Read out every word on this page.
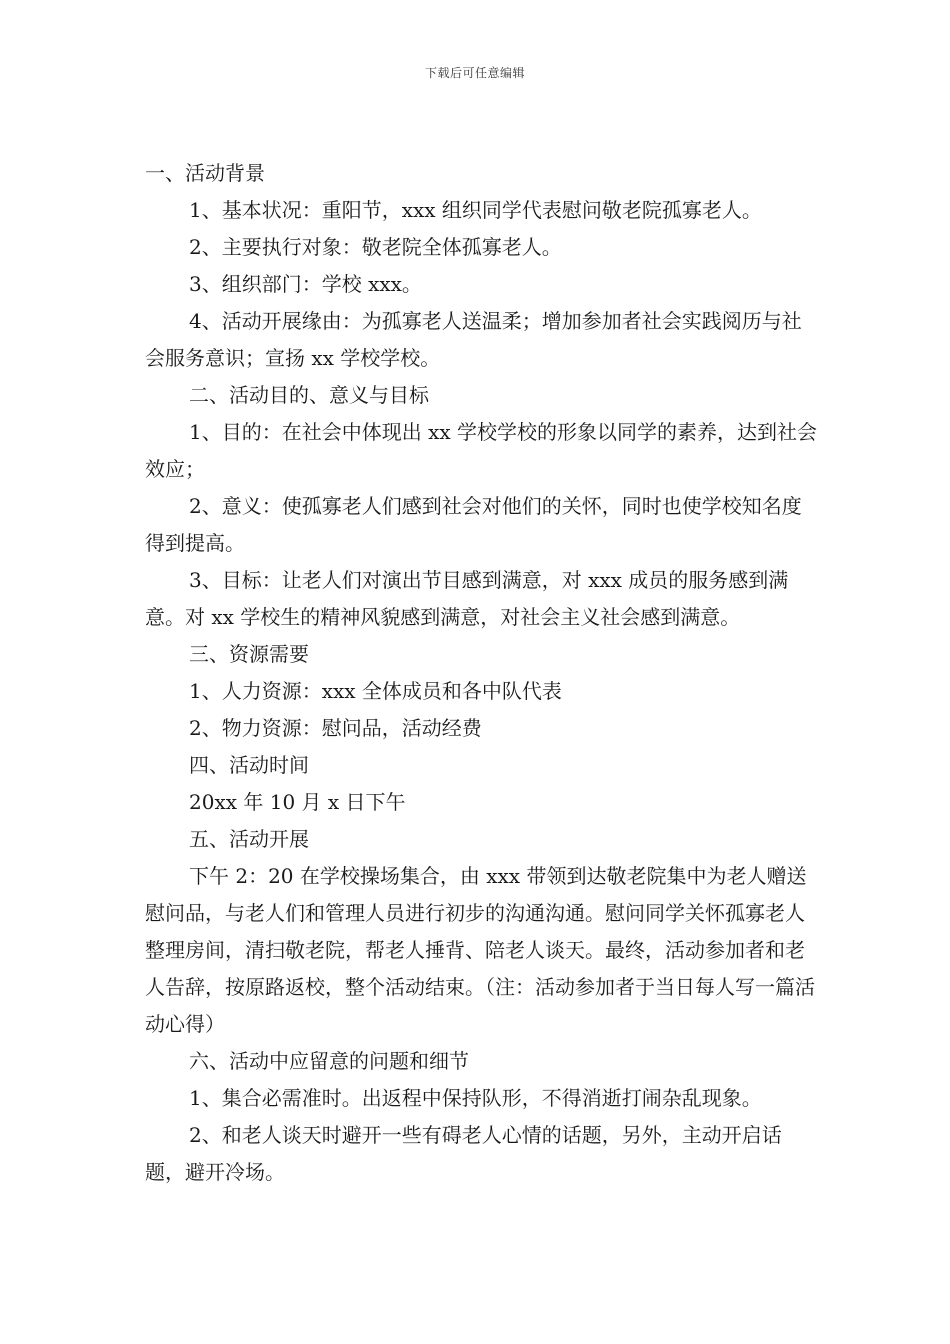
下载后可任意编辑

一、活动背景

1、基本状况：重阳节，xxx 组织同学代表慰问敬老院孤寡老人。

2、主要执行对象：敬老院全体孤寡老人。

3、组织部门：学校 xxx。

4、活动开展缘由：为孤寡老人送温柔；增加参加者社会实践阅历与社会服务意识；宣扬 xx 学校学校。

二、活动目的、意义与目标

1、目的：在社会中体现出 xx 学校学校的形象以同学的素养，达到社会效应；

2、意义：使孤寡老人们感到社会对他们的关怀，同时也使学校知名度得到提高。

3、目标：让老人们对演出节目感到满意，对 xxx 成员的服务感到满意。对 xx 学校生的精神风貌感到满意，对社会主义社会感到满意。

三、资源需要

1、人力资源：xxx 全体成员和各中队代表

2、物力资源：慰问品，活动经费

四、活动时间

20xx 年 10 月 x 日下午

五、活动开展

下午 2：20 在学校操场集合，由 xxx 带领到达敬老院集中为老人赠送慰问品，与老人们和管理人员进行初步的沟通沟通。慰问同学关怀孤寡老人整理房间，清扫敬老院，帮老人捶背、陪老人谈天。最终，活动参加者和老人告辞，按原路返校，整个活动结束。（注：活动参加者于当日每人写一篇活动心得）

六、活动中应留意的问题和细节

1、集合必需准时。出返程中保持队形，不得消逝打闹杂乱现象。

2、和老人谈天时避开一些有碍老人心情的话题，另外，主动开启话题，避开冷场。
